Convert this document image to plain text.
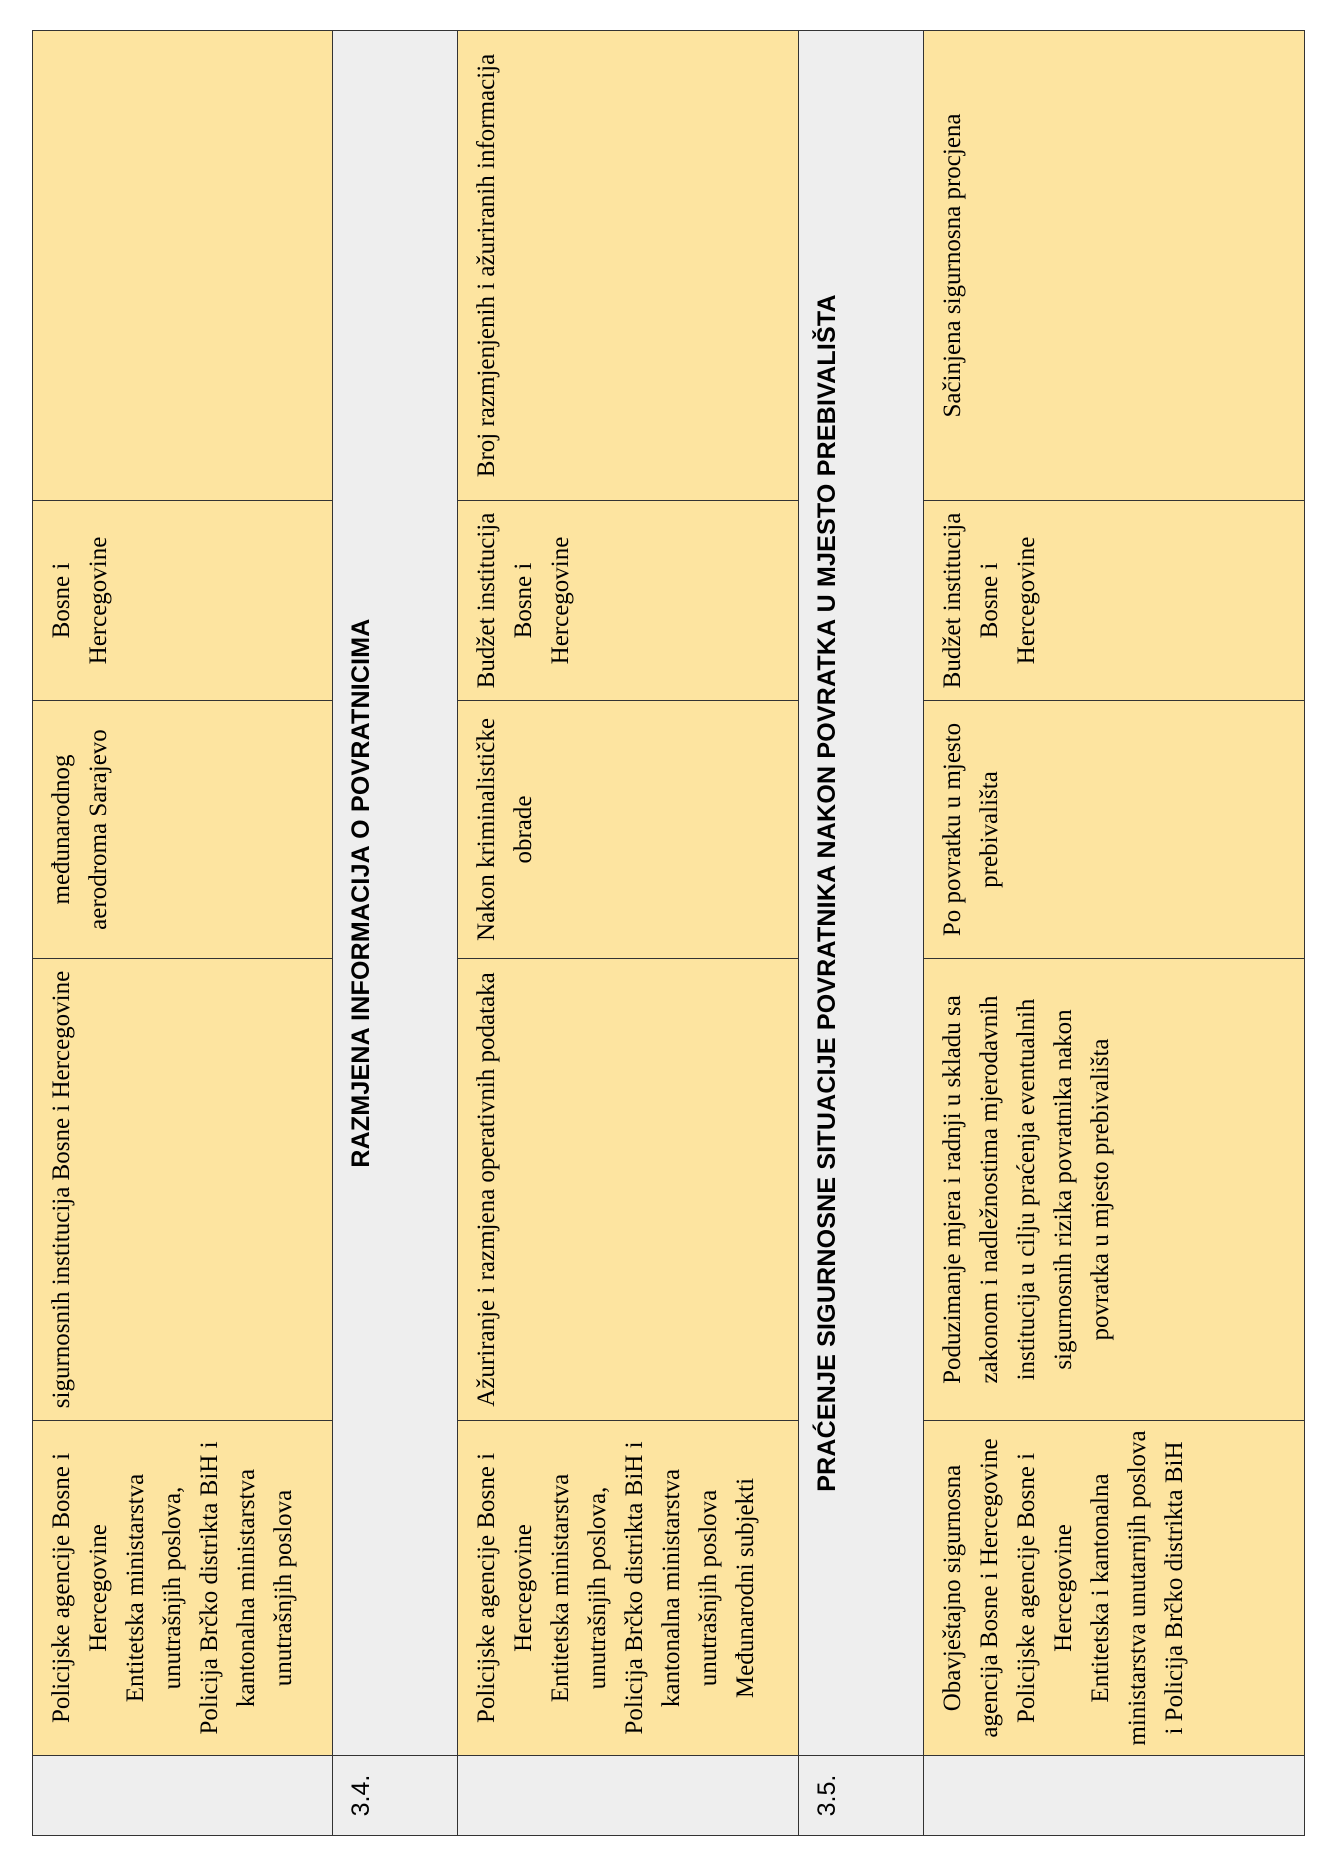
	Policijske agencije Bosne i Hercegovine Entitetska ministarstva unutrašnjih poslova, Policija Brčko distrikta BiH i kantonalna ministarstva unutrašnjih poslova	sigurnosnih institucija Bosne i Hercegovine	međunarodnog aerodroma Sarajevo	Bosne i Hercegovine	
3.4.	RAZMJENA INFORMACIJA O POVRATNICIMA				

	Policijske agencije Bosne i Hercegovine Entitetska ministarstva unutrašnjih poslova, Policija Brčko distrikta BiH i kantonalna ministarstva unutrašnjih poslova Međunarodni subjekti	Ažuriranje i razmjena operativnih podataka	Nakon kriminalističke obrade	Budžet institucija Bosne i Hercegovine	Broj razmjenjenih i ažuriranih informacija
3.5.	PRAĆENJE SIGURNOSNE SITUACIJE POVRATNIKA NAKON POVRATKA U MJESTO PREBIVALIŠTA				

	Obavještajno sigurnosna agencija Bosne i Hercegovine Policijske agencije Bosne i Hercegovine Entitetska i kantonalna ministarstva unutarnjih poslova i Policija Brčko distrikta BiH	Poduzimanje mjera i radnji u skladu sa zakonom i nadležnostima mjerodavnih institucija u cilju praćenja eventualnih sigurnosnih rizika povratnika nakon povratka u mjesto prebivališta	Po povratku u mjesto prebivališta	Budžet institucija Bosne i Hercegovine	Sačinjena sigurnosna procjena
